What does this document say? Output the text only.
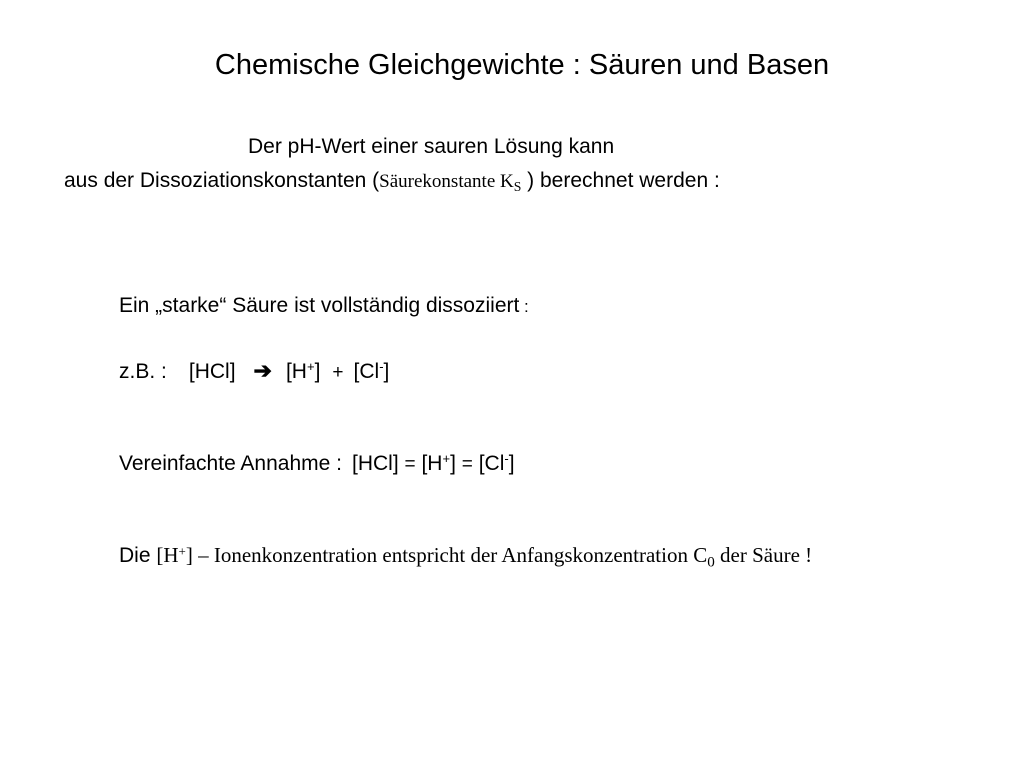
Chemische Gleichgewichte : Säuren und Basen
Der pH-Wert einer sauren Lösung kann
aus der Dissoziationskonstanten (Säurekonstante $K_S$ ) berechnet werden :
Ein „starke“ Säure ist vollständig dissoziiert :
z.B. : [HCl] ➔ [H+] + [Cl-]
Vereinfachte Annahme : [HCl] = [H+] = [Cl-]
Die [H+] – Ionenkonzentration entspricht der Anfangskonzentration $C_0$ der Säure !
